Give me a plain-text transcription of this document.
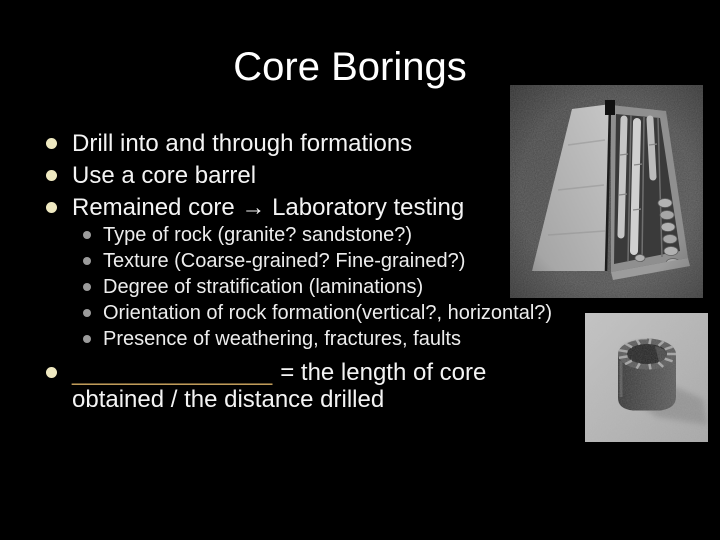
Core Borings
Drill into and through formations
Use a core barrel
Remained core → Laboratory testing
Type of rock (granite? sandstone?)
Texture (Coarse-grained? Fine-grained?)
Degree of stratification (laminations)
Orientation of rock formation(vertical?, horizontal?)
Presence of weathering, fractures, faults
_______________ = the length of core
obtained / the distance drilled
